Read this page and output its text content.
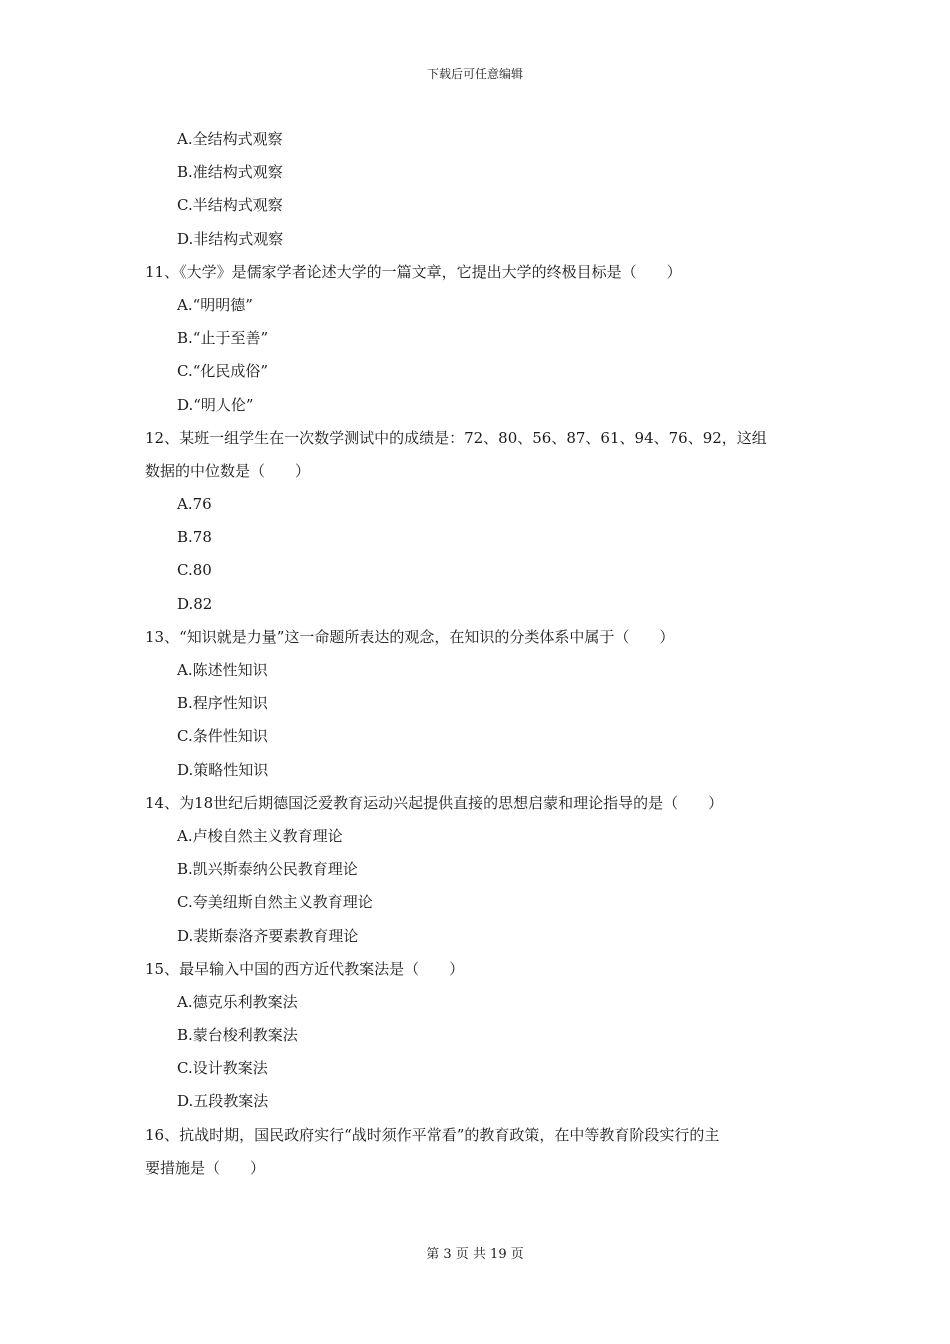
下载后可任意编辑
A.全结构式观察
B.准结构式观察
C.半结构式观察
D.非结构式观察
11、《大学》是儒家学者论述大学的一篇文章，它提出大学的终极目标是（　　）
A.“明明德”
B.“止于至善”
C.“化民成俗”
D.“明人伦”
12、某班一组学生在一次数学测试中的成绩是：72、80、56、87、61、94、76、92，这组
数据的中位数是（　　）
A.76
B.78
C.80
D.82
13、“知识就是力量”这一命题所表达的观念，在知识的分类体系中属于（　　）
A.陈述性知识
B.程序性知识
C.条件性知识
D.策略性知识
14、为18世纪后期德国泛爱教育运动兴起提供直接的思想启蒙和理论指导的是（　　）
A.卢梭自然主义教育理论
B.凯兴斯泰纳公民教育理论
C.夸美纽斯自然主义教育理论
D.裴斯泰洛齐要素教育理论
15、最早输入中国的西方近代教案法是（　　）
A.德克乐利教案法
B.蒙台梭利教案法
C.设计教案法
D.五段教案法
16、抗战时期，国民政府实行“战时须作平常看”的教育政策，在中等教育阶段实行的主
要措施是（　　）
第 3 页 共 19 页
